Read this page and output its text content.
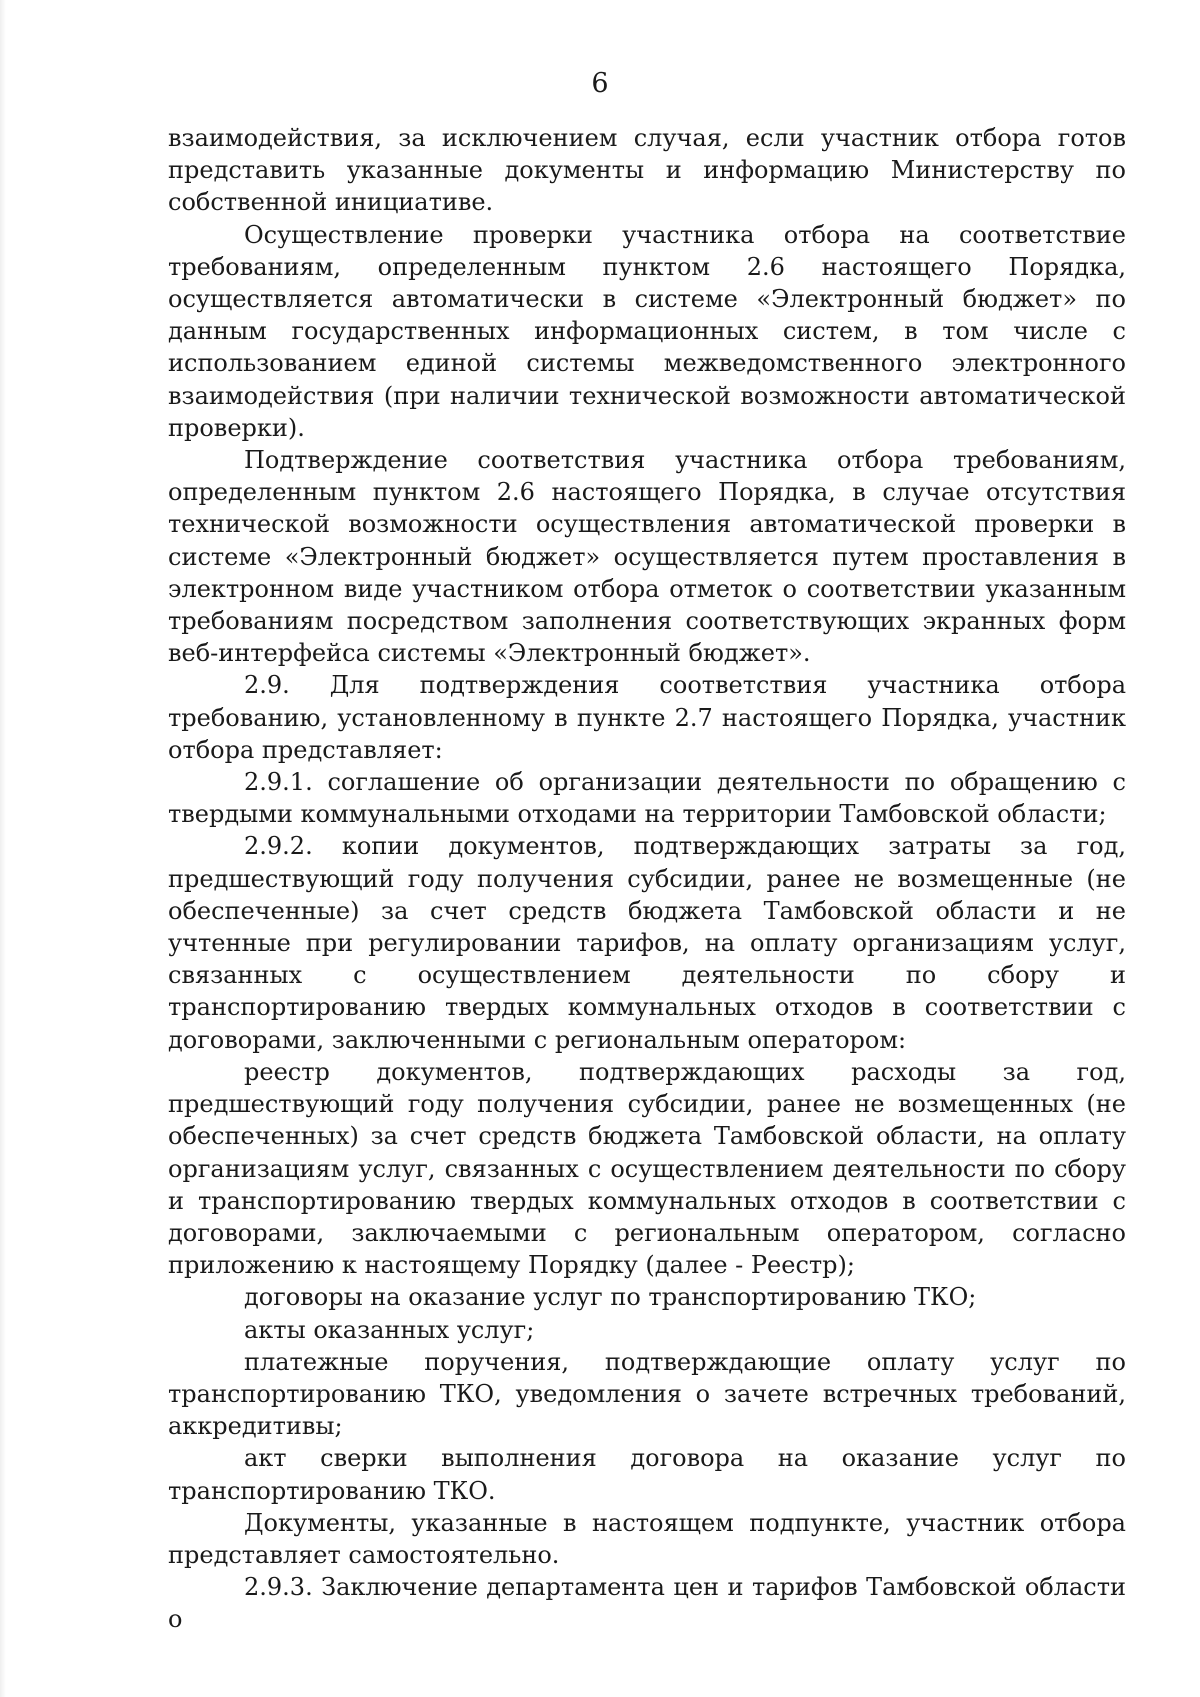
6

взаимодействия, за исключением случая, если участник отбора готов представить указанные документы и информацию Министерству по собственной инициативе.

Осуществление проверки участника отбора на соответствие требованиям, определенным пунктом 2.6 настоящего Порядка, осуществляется автоматически в системе «Электронный бюджет» по данным государственных информационных систем, в том числе с использованием единой системы межведомственного электронного взаимодействия (при наличии технической возможности автоматической проверки).

Подтверждение соответствия участника отбора требованиям, определенным пунктом 2.6 настоящего Порядка, в случае отсутствия технической возможности осуществления автоматической проверки в системе «Электронный бюджет» осуществляется путем проставления в электронном виде участником отбора отметок о соответствии указанным требованиям посредством заполнения соответствующих экранных форм веб-интерфейса системы «Электронный бюджет».

2.9. Для подтверждения соответствия участника отбора требованию, установленному в пункте 2.7 настоящего Порядка, участник отбора представляет:

2.9.1. соглашение об организации деятельности по обращению с твердыми коммунальными отходами на территории Тамбовской области;

2.9.2. копии документов, подтверждающих затраты за год, предшествующий году получения субсидии, ранее не возмещенные (не обеспеченные) за счет средств бюджета Тамбовской области и не учтенные при регулировании тарифов, на оплату организациям услуг, связанных с осуществлением деятельности по сбору и транспортированию твердых коммунальных отходов в соответствии с договорами, заключенными с региональным оператором:

реестр документов, подтверждающих расходы за год, предшествующий году получения субсидии, ранее не возмещенных (не обеспеченных) за счет средств бюджета Тамбовской области, на оплату организациям услуг, связанных с осуществлением деятельности по сбору и транспортированию твердых коммунальных отходов в соответствии с договорами, заключаемыми с региональным оператором, согласно приложению к настоящему Порядку (далее - Реестр);

договоры на оказание услуг по транспортированию ТКО;

акты оказанных услуг;

платежные поручения, подтверждающие оплату услуг по транспортированию ТКО, уведомления о зачете встречных требований, аккредитивы;

акт сверки выполнения договора на оказание услуг по транспортированию ТКО.

Документы, указанные в настоящем подпункте, участник отбора представляет самостоятельно.

2.9.3. Заключение департамента цен и тарифов Тамбовской области о
